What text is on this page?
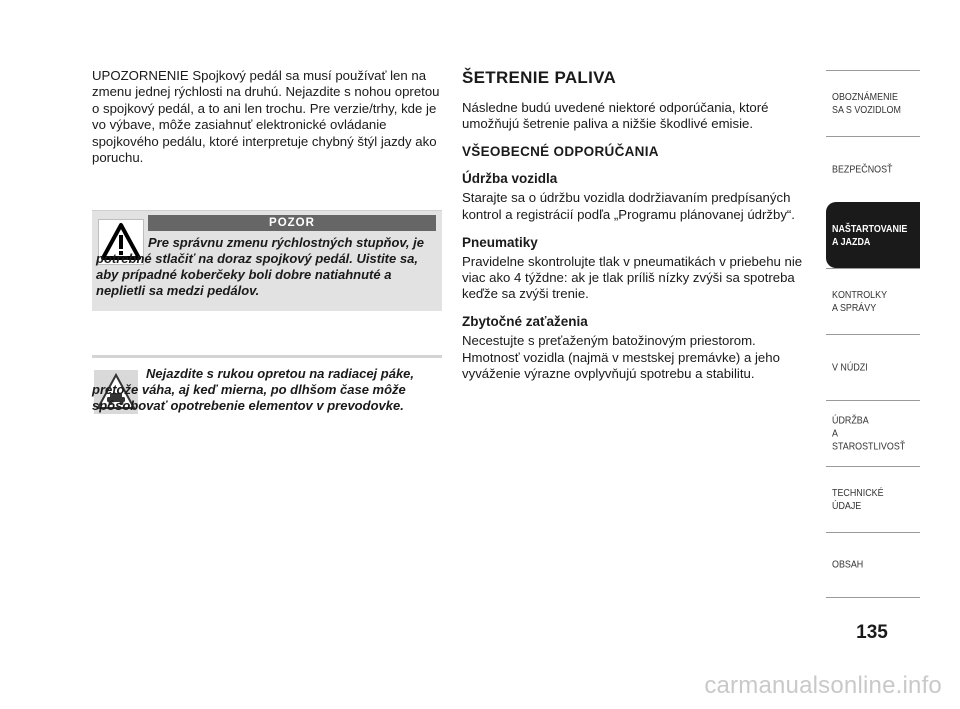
UPOZORNENIE Spojkový pedál sa musí používať len na zmenu jednej rýchlosti na druhú. Nejazdite s nohou opretou o spojkový pedál, a to ani len trochu. Pre verzie/trhy, kde je vo výbave, môže zasiahnuť elektronické ovládanie spojkového pedálu, ktoré interpretuje chybný štýl jazdy ako poruchu.

POZOR

Pre správnu zmenu rýchlostných stupňov, je potrebné stlačiť na doraz spojkový pedál. Uistite sa, aby prípadné koberčeky boli dobre natiahnuté a neplietli sa medzi pedálov.

Nejazdite s rukou opretou na radiacej páke, pretože váha, aj keď mierna, po dlhšom čase môže spôsobovať opotrebenie elementov v prevodovke.

ŠETRENIE PALIVA

Následne budú uvedené niektoré odporúčania, ktoré umožňujú šetrenie paliva a nižšie škodlivé emisie.

VŠEOBECNÉ ODPORÚČANIA
Údržba vozidla

Starajte sa o údržbu vozidla dodržiavaním predpísaných kontrol a registrácií podľa „Programu plánovanej údržby“.

Pneumatiky

Pravidelne skontrolujte tlak v pneumatikách v priebehu nie viac ako 4 týždne: ak je tlak príliš nízky zvýši sa spotreba keďže sa zvýši trenie.

Zbytočné zaťaženia

Necestujte s preťaženým batožinovým priestorom. Hmotnosť vozidla (najmä v mestskej premávke) a jeho vyváženie výrazne ovplyvňujú spotrebu a stabilitu.

OBOZNÁMENIE
SA S VOZIDLOM
BEZPEČNOSŤ
NAŠTARTOVANIE
A JAZDA
KONTROLKY
A SPRÁVY
V NÚDZI
ÚDRŽBA
A STAROSTLIVOSŤ
TECHNICKÉ
ÚDAJE
OBSAH
135
carmanualsonline.info
